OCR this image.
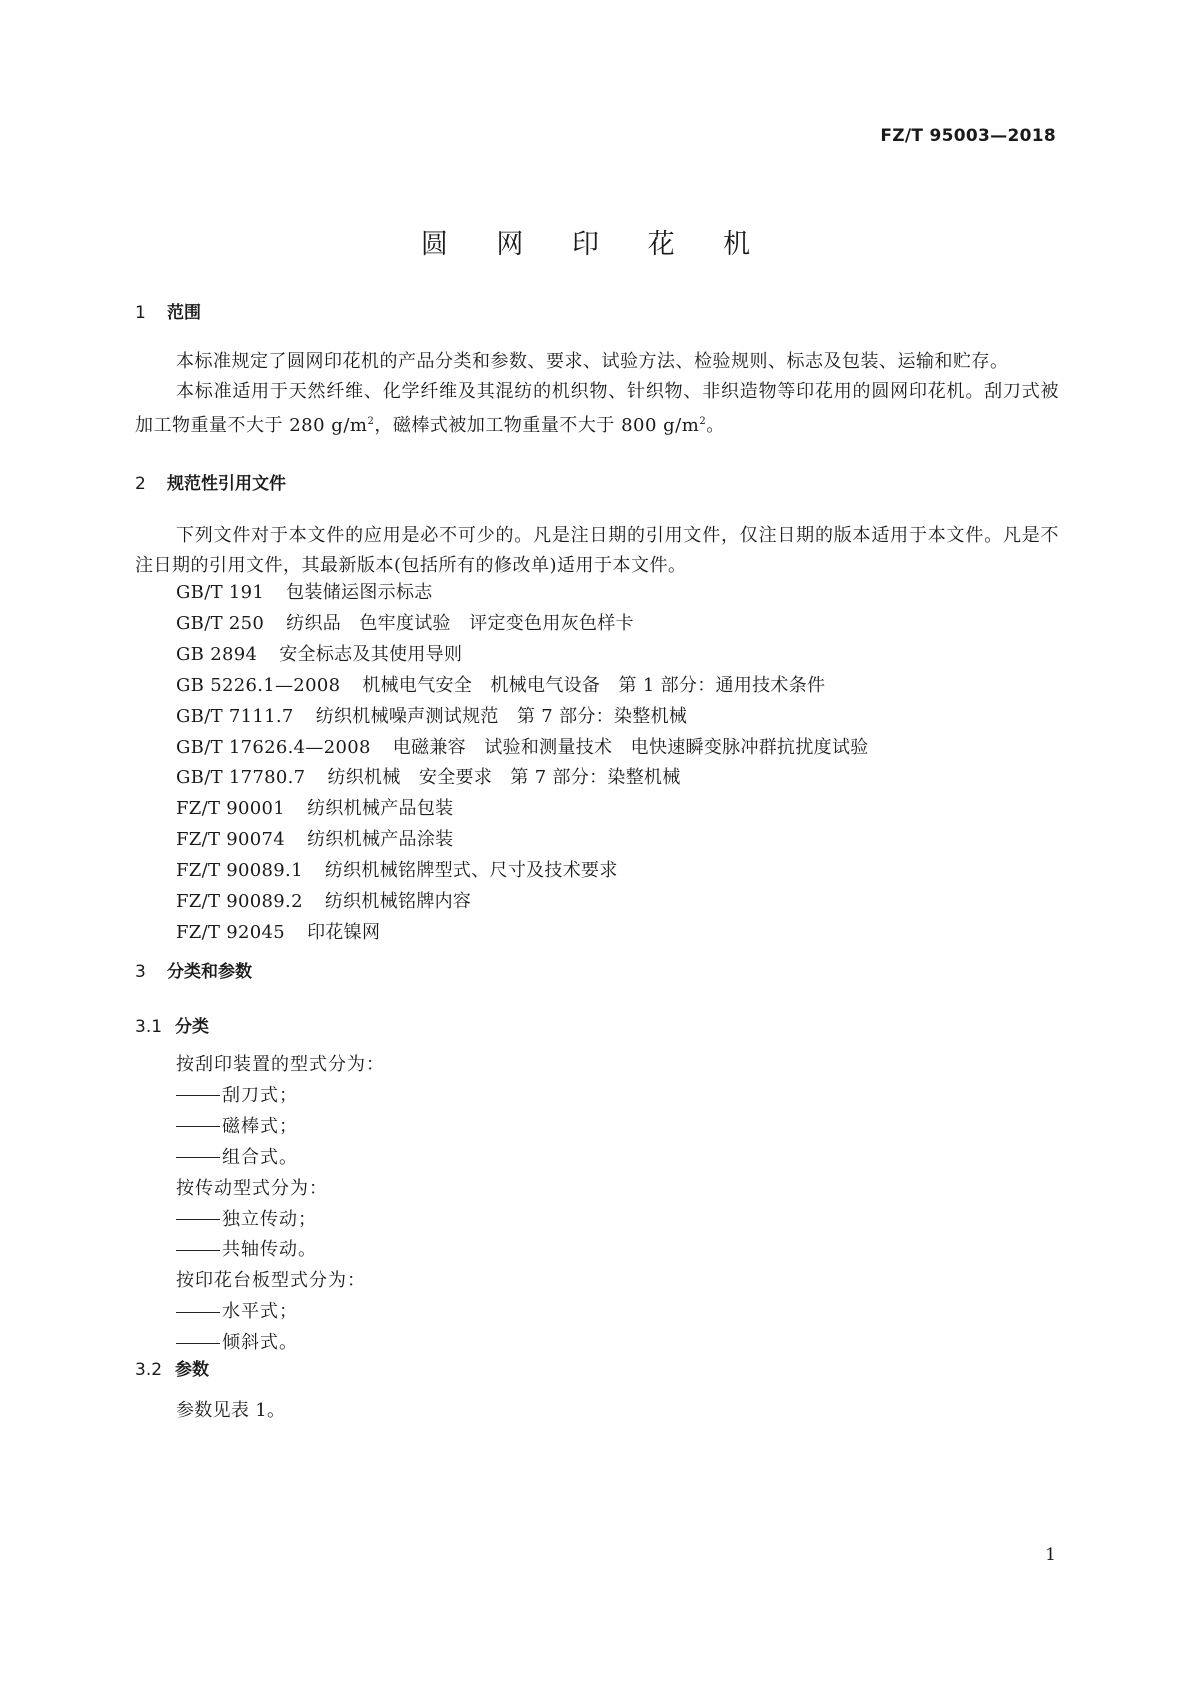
FZ/T 95003—2018
圆 网 印 花 机
1 范围

本标准规定了圆网印花机的产品分类和参数、要求、试验方法、检验规则、标志及包装、运输和贮存。

本标准适用于天然纤维、化学纤维及其混纺的机织物、针织物、非织造物等印花用的圆网印花机。刮刀式被加工物重量不大于 280 $g/m^2$，磁棒式被加工物重量不大于 800 $g/m^2$。

2 规范性引用文件

下列文件对于本文件的应用是必不可少的。凡是注日期的引用文件，仅注日期的版本适用于本文件。凡是不注日期的引用文件，其最新版本(包括所有的修改单)适用于本文件。

GB/T 191 包装储运图示标志
GB/T 250 纺织品　色牢度试验　评定变色用灰色样卡
GB 2894 安全标志及其使用导则
GB 5226.1—2008 机械电气安全　机械电气设备　第 1 部分：通用技术条件
GB/T 7111.7 纺织机械噪声测试规范　第 7 部分：染整机械
GB/T 17626.4—2008 电磁兼容　试验和测量技术　电快速瞬变脉冲群抗扰度试验
GB/T 17780.7 纺织机械　安全要求　第 7 部分：染整机械
FZ/T 90001 纺织机械产品包装
FZ/T 90074 纺织机械产品涂装
FZ/T 90089.1 纺织机械铭牌型式、尺寸及技术要求
FZ/T 90089.2 纺织机械铭牌内容
FZ/T 92045 印花镍网
3 分类和参数
3.1 分类
按刮印装置的型式分为：
刮刀式；
磁棒式；
组合式。
按传动型式分为：
独立传动；
共轴传动。
按印花台板型式分为：
水平式；
倾斜式。
3.2 参数
参数见表 1。
1
